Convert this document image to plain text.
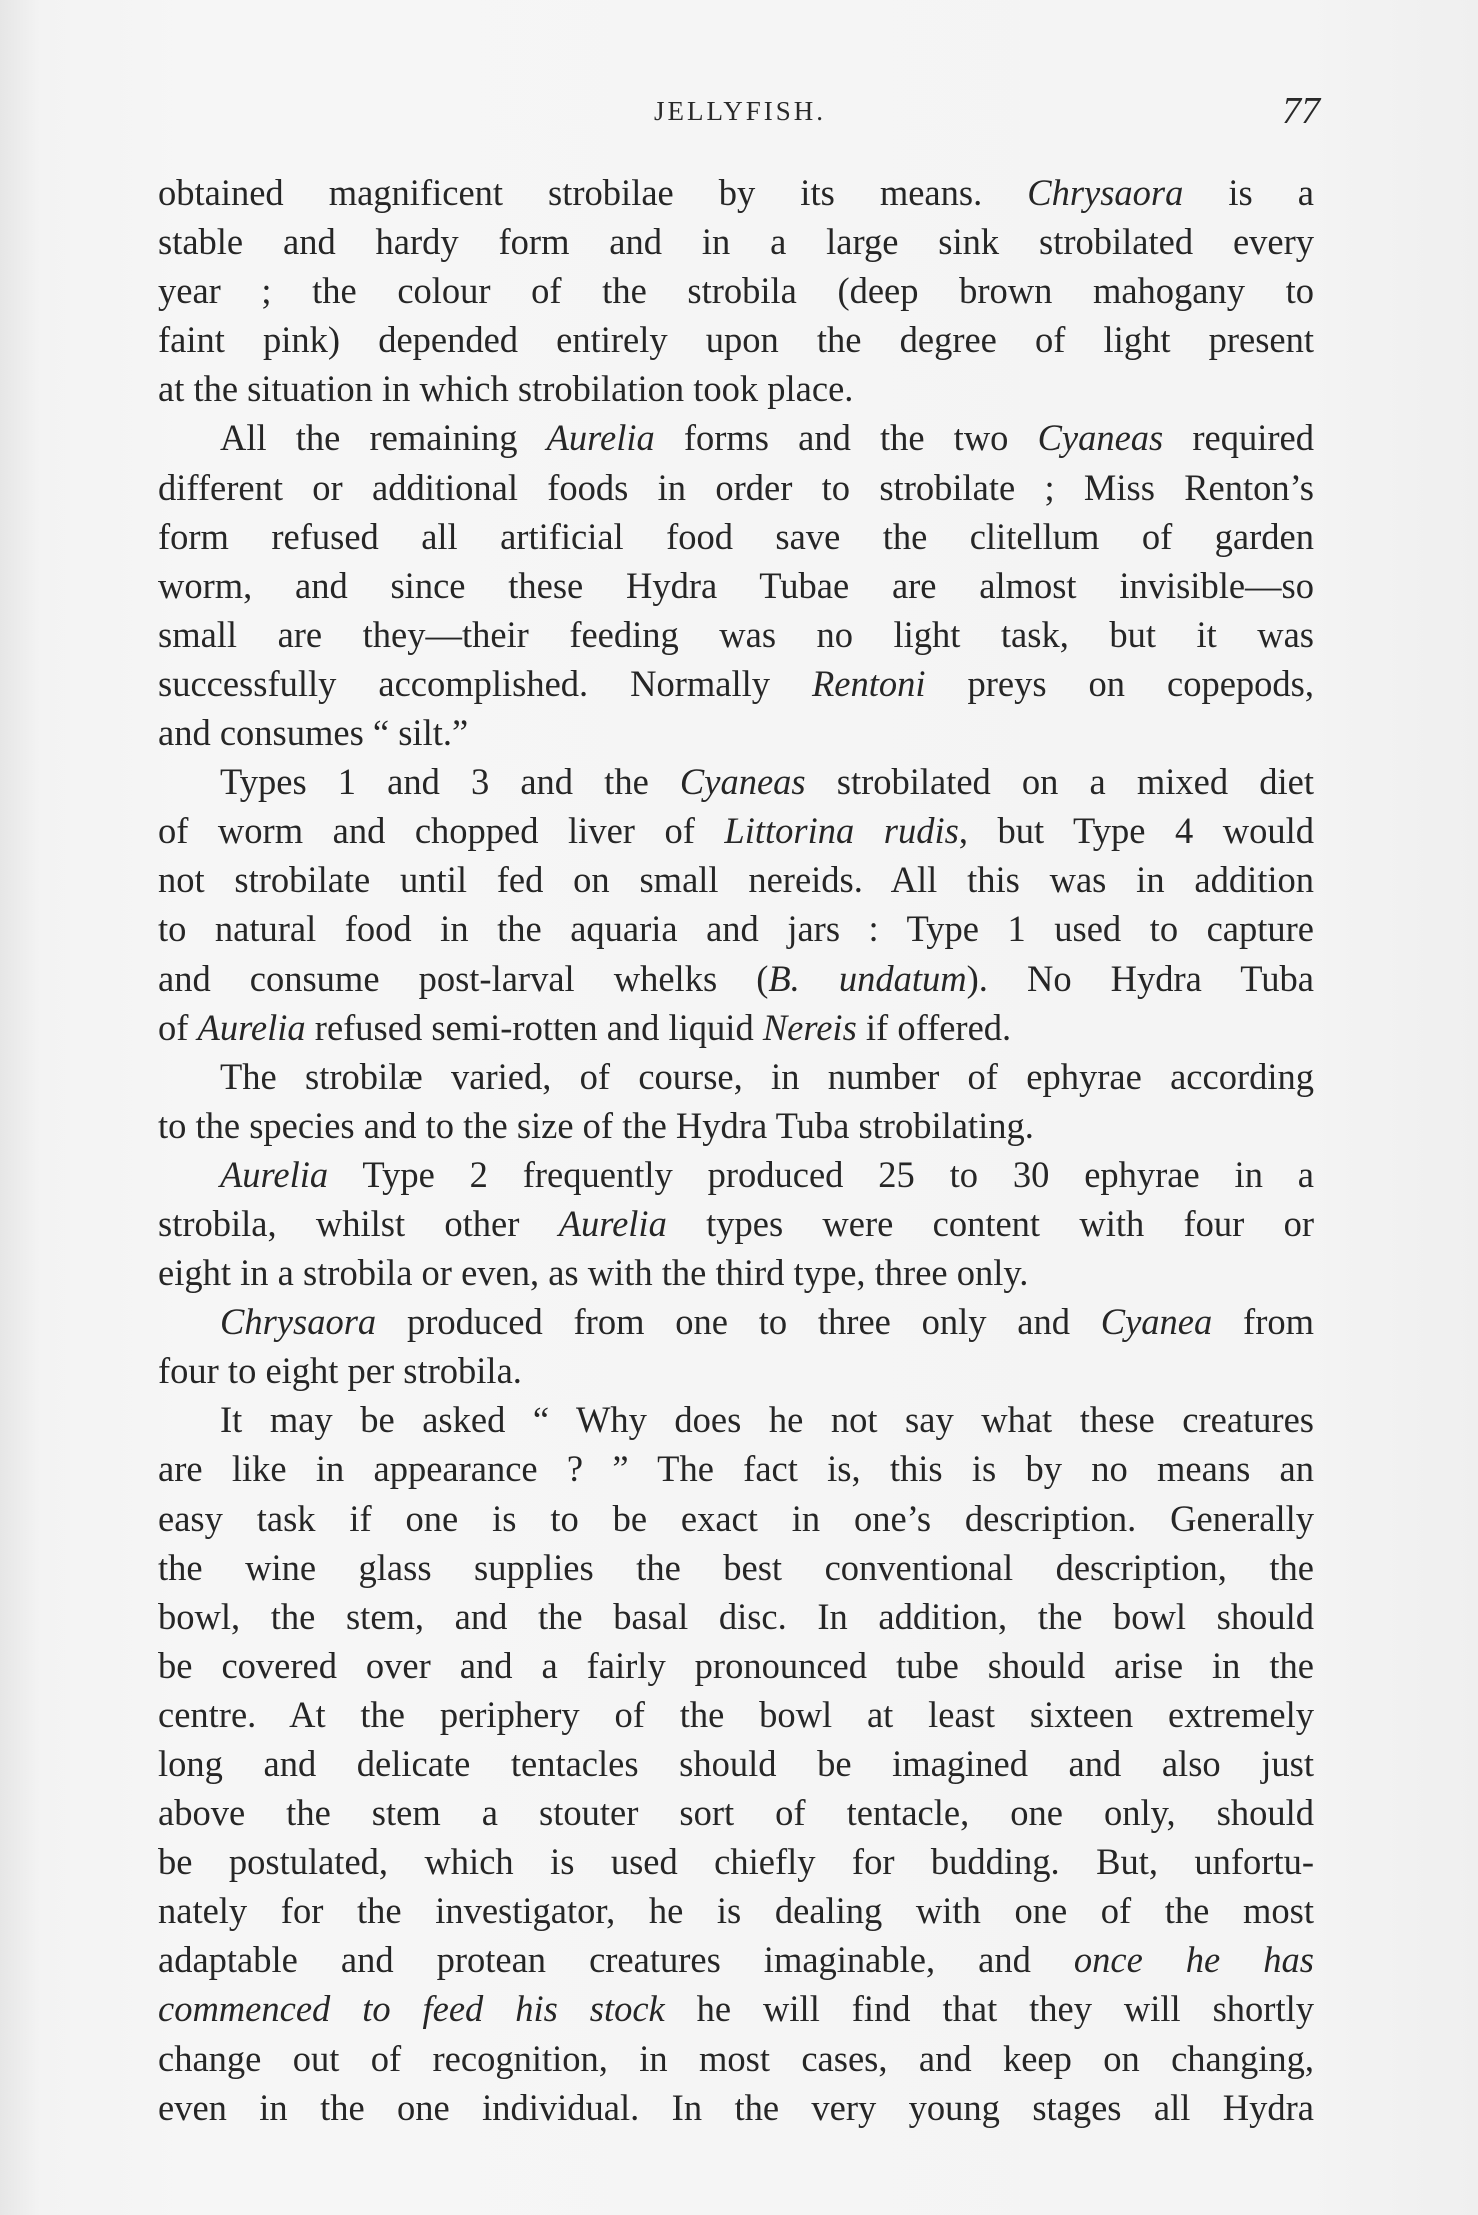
JELLYFISH.	77
obtained magnificent strobilae by its means. Chrysaora is a
stable and hardy form and in a large sink strobilated every
year ; the colour of the strobila (deep brown mahogany to
faint pink) depended entirely upon the degree of light present
at the situation in which strobilation took place.
All the remaining Aurelia forms and the two Cyaneas required
different or additional foods in order to strobilate ; Miss Renton’s
form refused all artificial food save the clitellum of garden
worm, and since these Hydra Tubae are almost invisible—so
small are they—their feeding was no light task, but it was
successfully accomplished. Normally Rentoni preys on copepods,
and consumes “ silt.”
Types 1 and 3 and the Cyaneas strobilated on a mixed diet
of worm and chopped liver of Littorina rudis, but Type 4 would
not strobilate until fed on small nereids. All this was in addition
to natural food in the aquaria and jars : Type 1 used to capture
and consume post-larval whelks (B. undatum). No Hydra Tuba
of Aurelia refused semi-rotten and liquid Nereis if offered.
The strobilæ varied, of course, in number of ephyrae according
to the species and to the size of the Hydra Tuba strobilating.
Aurelia Type 2 frequently produced 25 to 30 ephyrae in a
strobila, whilst other Aurelia types were content with four or
eight in a strobila or even, as with the third type, three only.
Chrysaora produced from one to three only and Cyanea from
four to eight per strobila.
It may be asked “ Why does he not say what these creatures
are like in appearance ? ” The fact is, this is by no means an
easy task if one is to be exact in one’s description. Generally
the wine glass supplies the best conventional description, the
bowl, the stem, and the basal disc. In addition, the bowl should
be covered over and a fairly pronounced tube should arise in the
centre. At the periphery of the bowl at least sixteen extremely
long and delicate tentacles should be imagined and also just
above the stem a stouter sort of tentacle, one only, should
be postulated, which is used chiefly for budding. But, unfortu-
nately for the investigator, he is dealing with one of the most
adaptable and protean creatures imaginable, and once he has
commenced to feed his stock he will find that they will shortly
change out of recognition, in most cases, and keep on changing,
even in the one individual. In the very young stages all Hydra
